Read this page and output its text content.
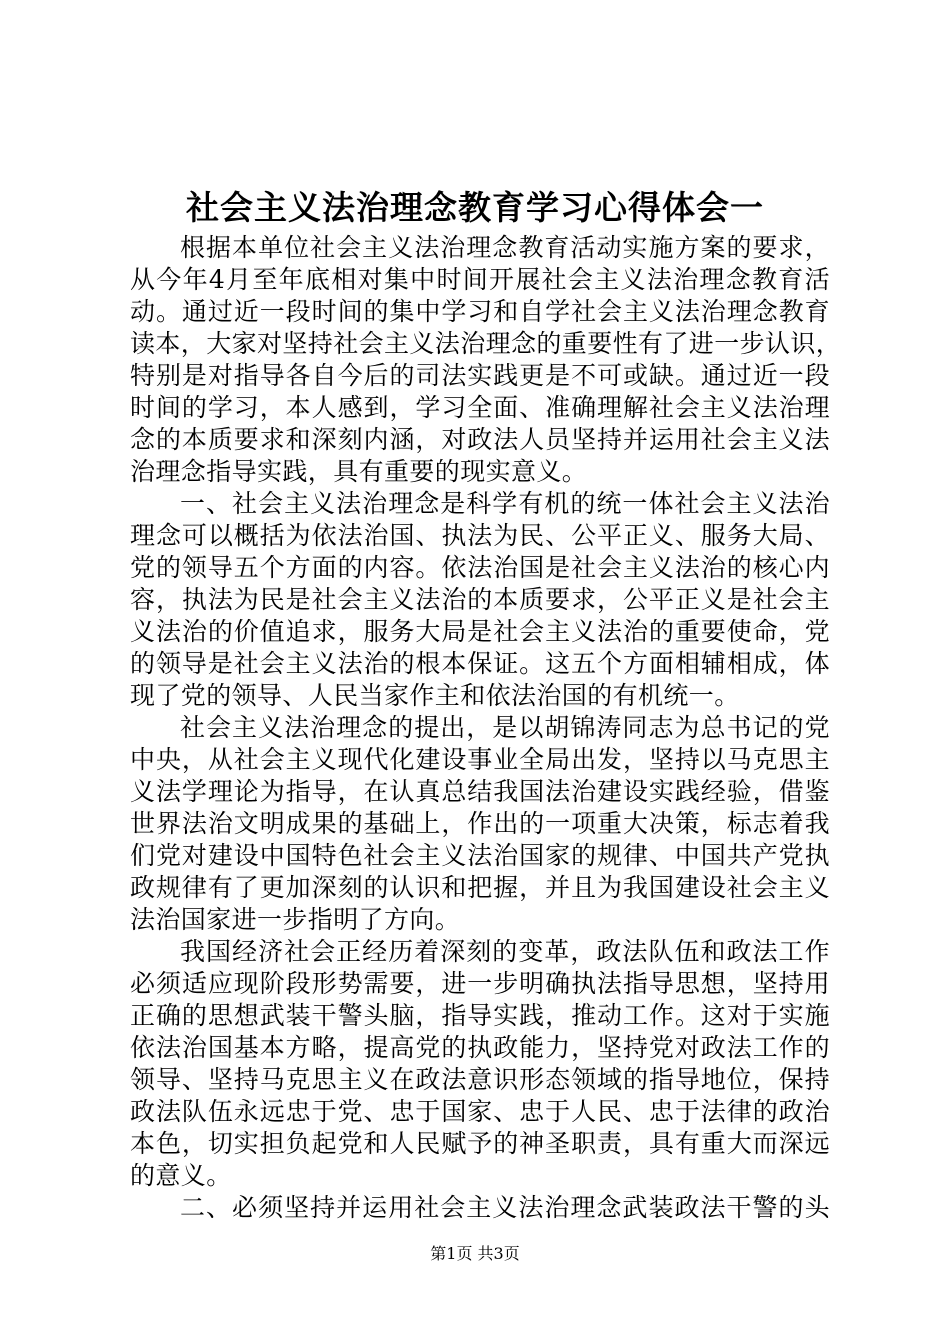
社会主义法治理念教育学习心得体会一
根据本单位社会主义法治理念教育活动实施方案的要求，
从今年4月至年底相对集中时间开展社会主义法治理念教育活
动。通过近一段时间的集中学习和自学社会主义法治理念教育
读本，大家对坚持社会主义法治理念的重要性有了进一步认识，
特别是对指导各自今后的司法实践更是不可或缺。通过近一段
时间的学习，本人感到，学习全面、准确理解社会主义法治理
念的本质要求和深刻内涵，对政法人员坚持并运用社会主义法
治理念指导实践，具有重要的现实意义。
一、社会主义法治理念是科学有机的统一体社会主义法治
理念可以概括为依法治国、执法为民、公平正义、服务大局、
党的领导五个方面的内容。依法治国是社会主义法治的核心内
容，执法为民是社会主义法治的本质要求，公平正义是社会主
义法治的价值追求，服务大局是社会主义法治的重要使命，党
的领导是社会主义法治的根本保证。这五个方面相辅相成，体
现了党的领导、人民当家作主和依法治国的有机统一。
社会主义法治理念的提出，是以胡锦涛同志为总书记的党
中央，从社会主义现代化建设事业全局出发，坚持以马克思主
义法学理论为指导，在认真总结我国法治建设实践经验，借鉴
世界法治文明成果的基础上，作出的一项重大决策，标志着我
们党对建设中国特色社会主义法治国家的规律、中国共产党执
政规律有了更加深刻的认识和把握，并且为我国建设社会主义
法治国家进一步指明了方向。
我国经济社会正经历着深刻的变革，政法队伍和政法工作
必须适应现阶段形势需要，进一步明确执法指导思想，坚持用
正确的思想武装干警头脑，指导实践，推动工作。这对于实施
依法治国基本方略，提高党的执政能力，坚持党对政法工作的
领导、坚持马克思主义在政法意识形态领域的指导地位，保持
政法队伍永远忠于党、忠于国家、忠于人民、忠于法律的政治
本色，切实担负起党和人民赋予的神圣职责，具有重大而深远
的意义。
二、必须坚持并运用社会主义法治理念武装政法干警的头
第1页 共3页
